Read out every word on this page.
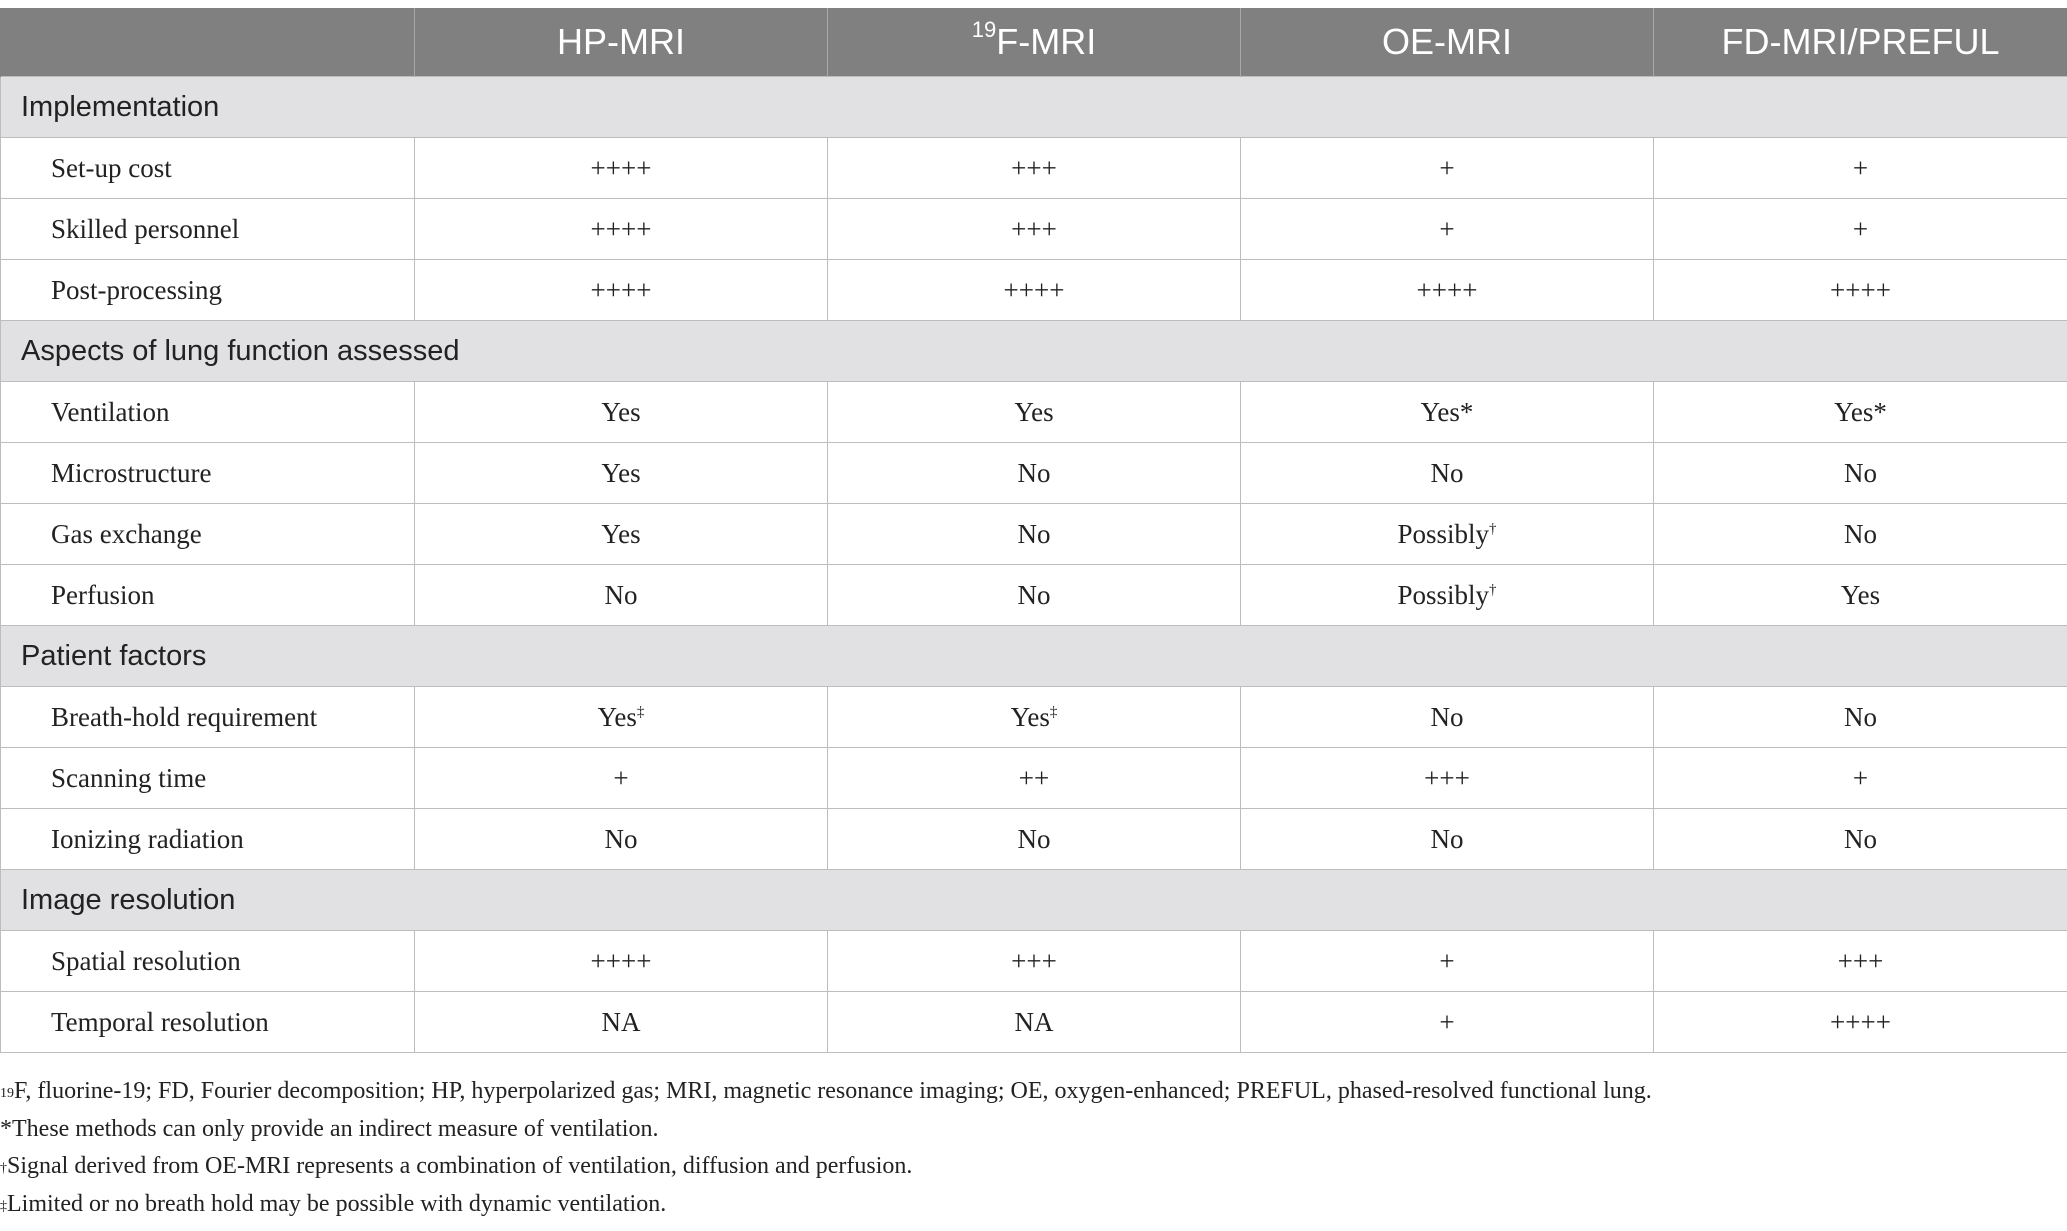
	HP-MRI	$^{19}$F-MRI	OE-MRI	FD-MRI/PREFUL
Implementation				
Set-up cost	++++	+++	+	+
Skilled personnel	++++	+++	+	+
Post-processing	++++	++++	++++	++++
Aspects of lung function assessed				
Ventilation	Yes	Yes	Yes*	Yes*
Microstructure	Yes	No	No	No
Gas exchange	Yes	No	Possibly†	No
Perfusion	No	No	Possibly†	Yes
Patient factors				
Breath-hold requirement	Yes‡	Yes‡	No	No
Scanning time	+	++	+++	+
Ionizing radiation	No	No	No	No
Image resolution				
Spatial resolution	++++	+++	+	+++
Temporal resolution	NA	NA	+	++++
$^{19}$F, fluorine-19; FD, Fourier decomposition; HP, hyperpolarized gas; MRI, magnetic resonance imaging; OE, oxygen-enhanced; PREFUL, phased-resolved functional lung.
*These methods can only provide an indirect measure of ventilation.
†Signal derived from OE-MRI represents a combination of ventilation, diffusion and perfusion.
‡Limited or no breath hold may be possible with dynamic ventilation.
